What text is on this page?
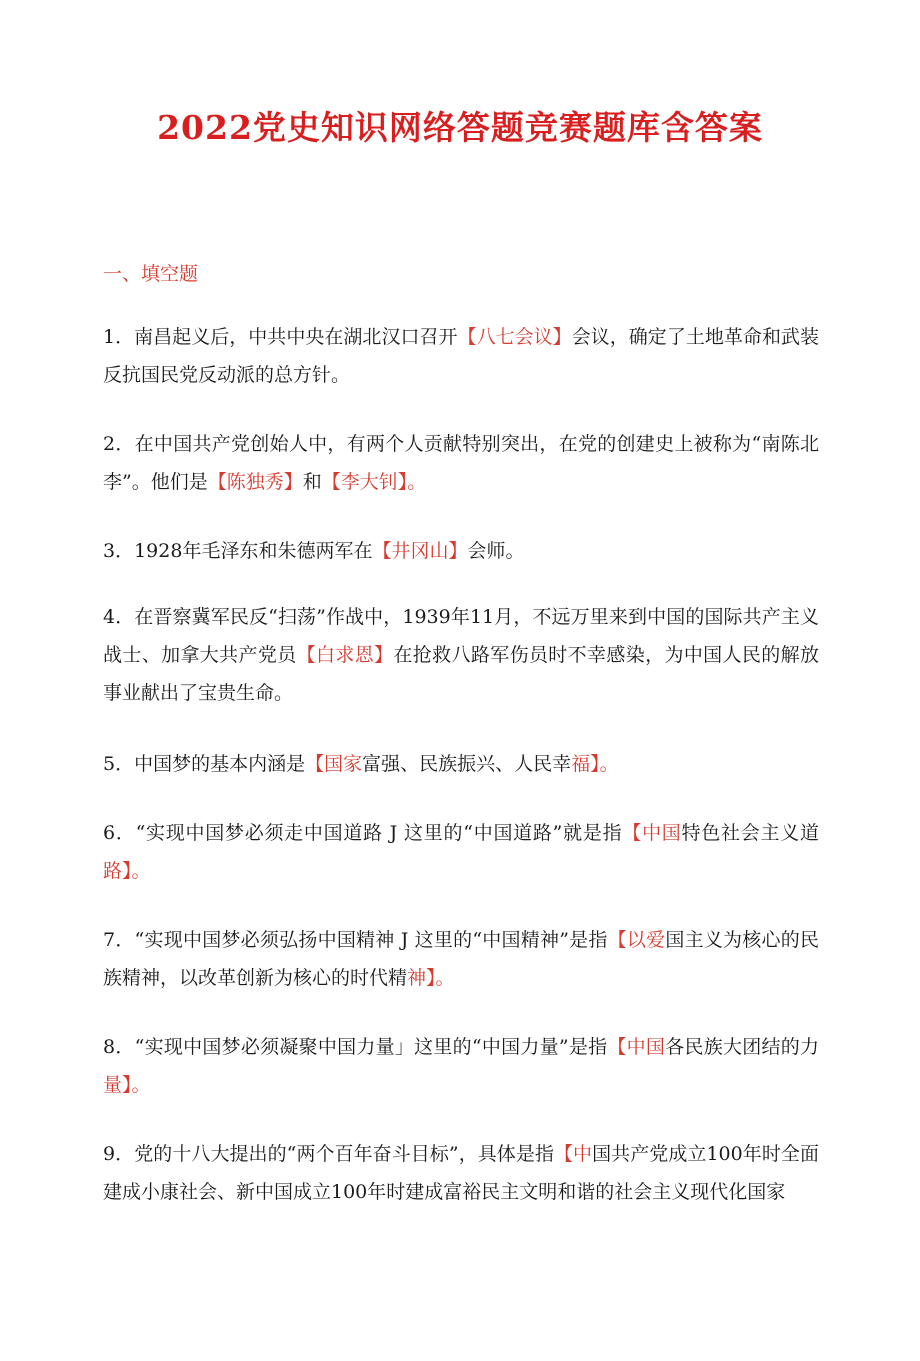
2022党史知识网络答题竞赛题库含答案
一、填空题
1．南昌起义后，中共中央在湖北汉口召开【八七会议】会议，确定了土地革命和武装反抗国民党反动派的总方针。
2．在中国共产党创始人中，有两个人贡献特别突出，在党的创建史上被称为“南陈北李”。他们是【陈独秀】和【李大钊】。
3．1928年毛泽东和朱德两军在【井冈山】会师。
4．在晋察冀军民反“扫荡”作战中，1939年11月，不远万里来到中国的国际共产主义战士、加拿大共产党员【白求恩】在抢救八路军伤员时不幸感染，为中国人民的解放事业献出了宝贵生命。
5．中国梦的基本内涵是【国家富强、民族振兴、人民幸福】。
6．“实现中国梦必须走中国道路 J 这里的“中国道路”就是指【中国特色社会主义道路】。
7．“实现中国梦必须弘扬中国精神 J 这里的“中国精神”是指【以爱国主义为核心的民族精神，以改革创新为核心的时代精神】。
8．“实现中国梦必须凝聚中国力量」这里的“中国力量”是指【中国各民族大团结的力量】。
9．党的十八大提出的“两个百年奋斗目标”，具体是指【中国共产党成立100年时全面建成小康社会、新中国成立100年时建成富裕民主文明和谐的社会主义现代化国家
